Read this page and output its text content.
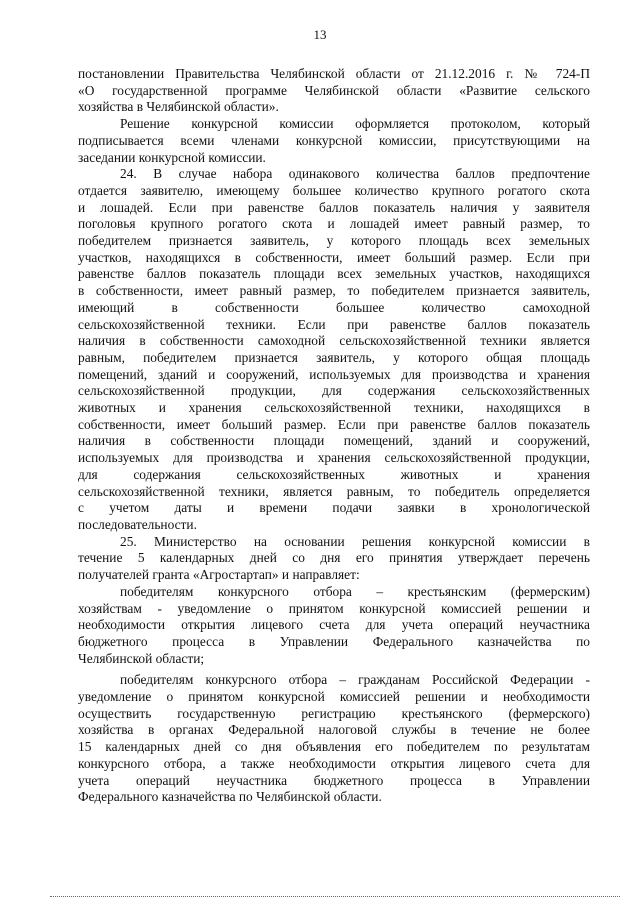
13

постановлении Правительства Челябинской области от 21.12.2016 г. № 724-П
«О государственной программе Челябинской области «Развитие сельского
хозяйства в Челябинской области».

Решение конкурсной комиссии оформляется протоколом, который
подписывается всеми членами конкурсной комиссии, присутствующими на
заседании конкурсной комиссии.

24. В случае набора одинакового количества баллов предпочтение
отдается заявителю, имеющему большее количество крупного рогатого скота
и лошадей. Если при равенстве баллов показатель наличия у заявителя
поголовья крупного рогатого скота и лошадей имеет равный размер, то
победителем признается заявитель, у которого площадь всех земельных
участков, находящихся в собственности, имеет больший размер. Если при
равенстве баллов показатель площади всех земельных участков, находящихся
в собственности, имеет равный размер, то победителем признается заявитель,
имеющий в собственности большее количество самоходной
сельскохозяйственной техники. Если при равенстве баллов показатель
наличия в собственности самоходной сельскохозяйственной техники является
равным, победителем признается заявитель, у которого общая площадь
помещений, зданий и сооружений, используемых для производства и хранения
сельскохозяйственной продукции, для содержания сельскохозяйственных
животных и хранения сельскохозяйственной техники, находящихся в
собственности, имеет больший размер. Если при равенстве баллов показатель
наличия в собственности площади помещений, зданий и сооружений,
используемых для производства и хранения сельскохозяйственной продукции,
для содержания сельскохозяйственных животных и хранения
сельскохозяйственной техники, является равным, то победитель определяется
с учетом даты и времени подачи заявки в хронологической
последовательности.

25. Министерство на основании решения конкурсной комиссии в
течение 5 календарных дней со дня его принятия утверждает перечень
получателей гранта «Агростартап» и направляет:

победителям конкурсного отбора – крестьянским (фермерским)
хозяйствам - уведомление о принятом конкурсной комиссией решении и
необходимости открытия лицевого счета для учета операций неучастника
бюджетного процесса в Управлении Федерального казначейства по
Челябинской области;

победителям конкурсного отбора – гражданам Российской Федерации -
уведомление о принятом конкурсной комиссией решении и необходимости
осуществить государственную регистрацию крестьянского (фермерского)
хозяйства в органах Федеральной налоговой службы в течение не более
15 календарных дней со дня объявления его победителем по результатам
конкурсного отбора, а также необходимости открытия лицевого счета для
учета операций неучастника бюджетного процесса в Управлении
Федерального казначейства по Челябинской области.
